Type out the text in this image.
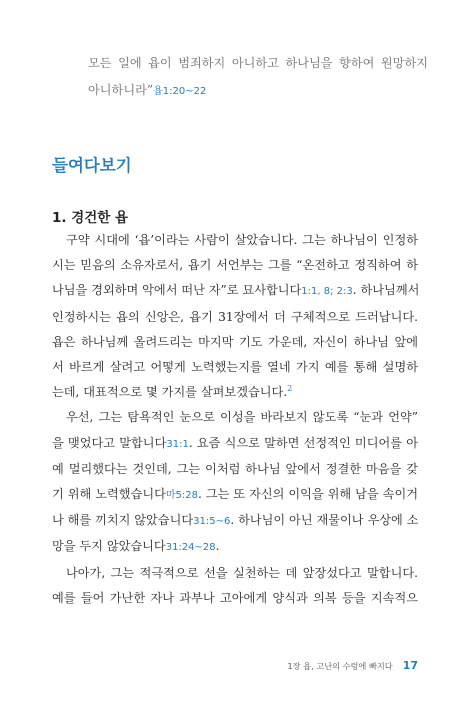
모든 일에 욥이 범죄하지 아니하고 하나님을 향하여 원망하지
아니하니라”욥1:20~22
들여다보기
1. 경건한 욥
구약 시대에 ‘욥’이라는 사람이 살았습니다. 그는 하나님이 인정하
시는 믿음의 소유자로서, 욥기 서언부는 그를 “온전하고 정직하여 하
나님을 경외하며 악에서 떠난 자”로 묘사합니다1:1, 8; 2:3. 하나님께서
인정하시는 욥의 신앙은, 욥기 31장에서 더 구체적으로 드러납니다.
욥은 하나님께 올려드리는 마지막 기도 가운데, 자신이 하나님 앞에
서 바르게 살려고 어떻게 노력했는지를 열네 가지 예를 통해 설명하
는데, 대표적으로 몇 가지를 살펴보겠습니다.$^2$
우선, 그는 탐욕적인 눈으로 이성을 바라보지 않도록 “눈과 언약”
을 맺었다고 말합니다31:1. 요즘 식으로 말하면 선정적인 미디어를 아
예 멀리했다는 것인데, 그는 이처럼 하나님 앞에서 정결한 마음을 갖
기 위해 노력했습니다마5:28. 그는 또 자신의 이익을 위해 남을 속이거
나 해를 끼치지 않았습니다31:5~6. 하나님이 아닌 재물이나 우상에 소
망을 두지 않았습니다31:24~28.
나아가, 그는 적극적으로 선을 실천하는 데 앞장섰다고 말합니다.
예를 들어 가난한 자나 과부나 고아에게 양식과 의복 등을 지속적으
1장 욥, 고난의 수렁에 빠지다 17
